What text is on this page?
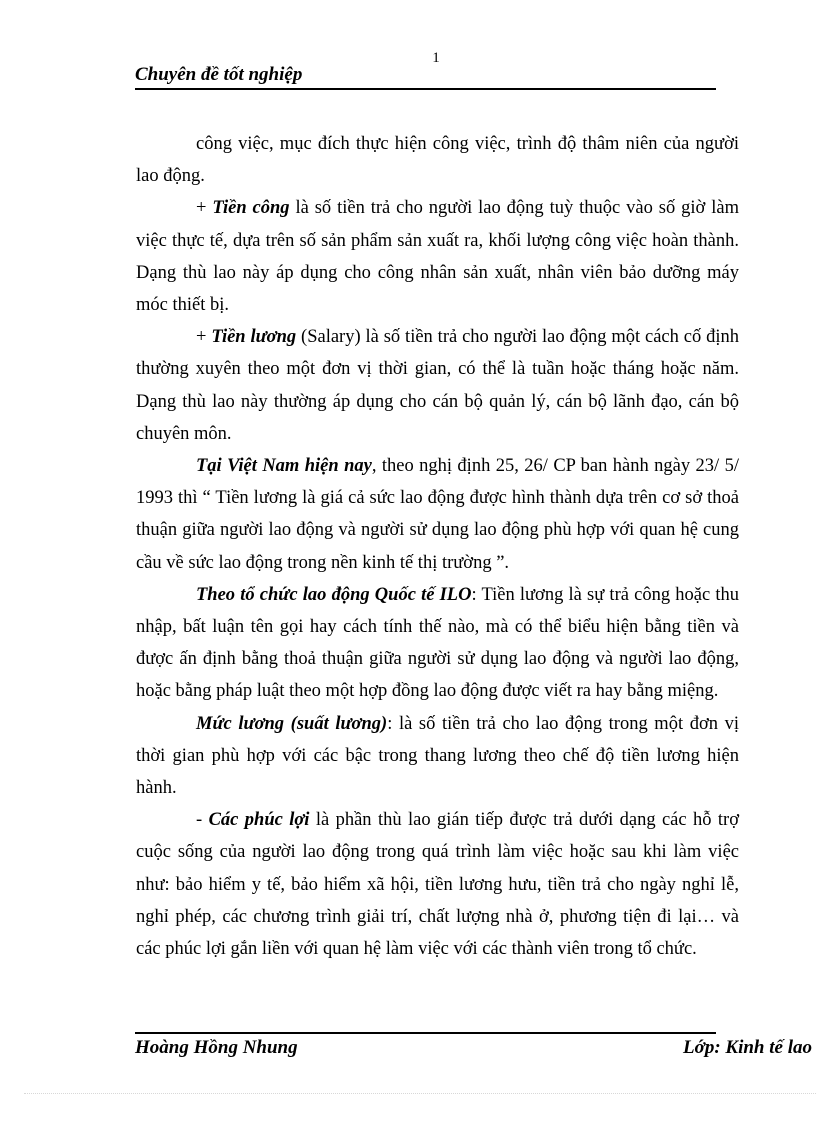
1
Chuyên đề tốt nghiệp

công việc, mục đích thực hiện công việc, trình độ thâm niên của người lao động.

+ Tiền công là số tiền trả cho người lao động tuỳ thuộc vào số giờ làm việc thực tế, dựa trên số sản phẩm sản xuất ra, khối lượng công việc hoàn thành. Dạng thù lao này áp dụng cho công nhân sản xuất, nhân viên bảo dưỡng máy móc thiết bị.

+ Tiền lương (Salary) là số tiền trả cho người lao động một cách cố định thường xuyên theo một đơn vị thời gian, có thể là tuần hoặc tháng hoặc năm. Dạng thù lao này thường áp dụng cho cán bộ quản lý, cán bộ lãnh đạo, cán bộ chuyên môn.

Tại Việt Nam hiện nay, theo nghị định 25, 26/ CP ban hành ngày 23/ 5/ 1993 thì “ Tiền lương là giá cả sức lao động được hình thành dựa trên cơ sở thoả thuận giữa người lao động và người sử dụng lao động phù hợp với quan hệ cung cầu về sức lao động trong nền kinh tế thị trường ”.

Theo tổ chức lao động Quốc tế ILO: Tiền lương là sự trả công hoặc thu nhập, bất luận tên gọi hay cách tính thế nào, mà có thể biểu hiện bằng tiền và được ấn định bằng thoả thuận giữa người sử dụng lao động và người lao động, hoặc bằng pháp luật theo một hợp đồng lao động được viết ra hay bằng miệng.

Mức lương (suất lương): là số tiền trả cho lao động trong một đơn vị thời gian phù hợp với các bậc trong thang lương theo chế độ tiền lương hiện hành.

- Các phúc lợi là phần thù lao gián tiếp được trả dưới dạng các hỗ trợ cuộc sống của người lao động trong quá trình làm việc hoặc sau khi làm việc như: bảo hiểm y tế, bảo hiểm xã hội, tiền lương hưu, tiền trả cho ngày nghỉ lễ, nghỉ phép, các chương trình giải trí, chất lượng nhà ở, phương tiện đi lại… và các phúc lợi gắn liền với quan hệ làm việc với các thành viên trong tổ chức.

Hoàng Hồng Nhung	Lớp: Kinh tế lao
